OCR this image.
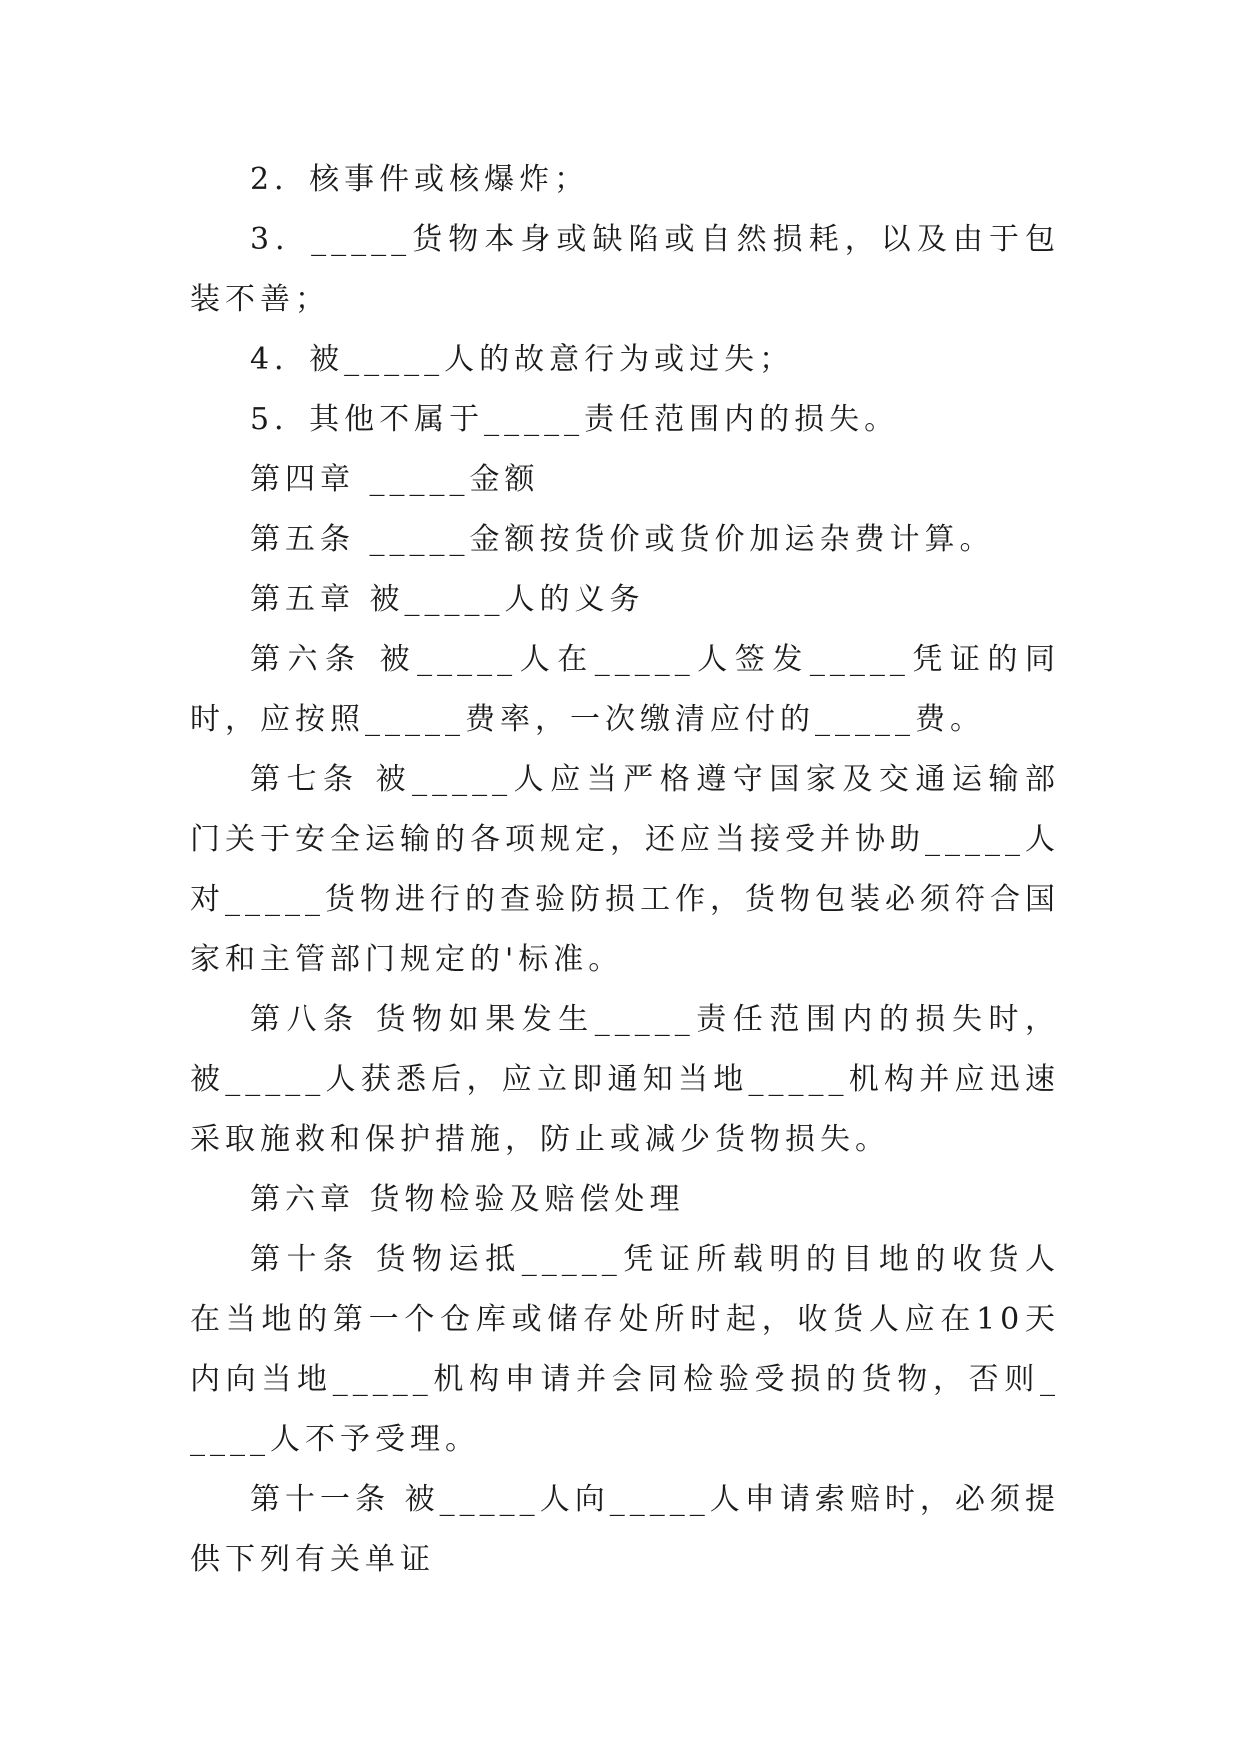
2．核事件或核爆炸；

3．_____货物本身或缺陷或自然损耗，以及由于包装不善；

4．被_____人的故意行为或过失；

5．其他不属于_____责任范围内的损失。

第四章 _____金额

第五条 _____金额按货价或货价加运杂费计算。

第五章 被_____人的义务

第六条 被_____人在_____人签发_____凭证的同时，应按照_____费率，一次缴清应付的_____费。

第七条 被_____人应当严格遵守国家及交通运输部门关于安全运输的各项规定，还应当接受并协助_____人对_____货物进行的查验防损工作，货物包装必须符合国家和主管部门规定的'标准。

第八条 货物如果发生_____责任范围内的损失时，被_____人获悉后，应立即通知当地_____机构并应迅速采取施救和保护措施，防止或减少货物损失。

第六章 货物检验及赔偿处理

第十条 货物运抵_____凭证所载明的目地的收货人在当地的第一个仓库或储存处所时起，收货人应在10天内向当地_____机构申请并会同检验受损的货物，否则_____人不予受理。

第十一条 被_____人向_____人申请索赔时，必须提供下列有关单证
